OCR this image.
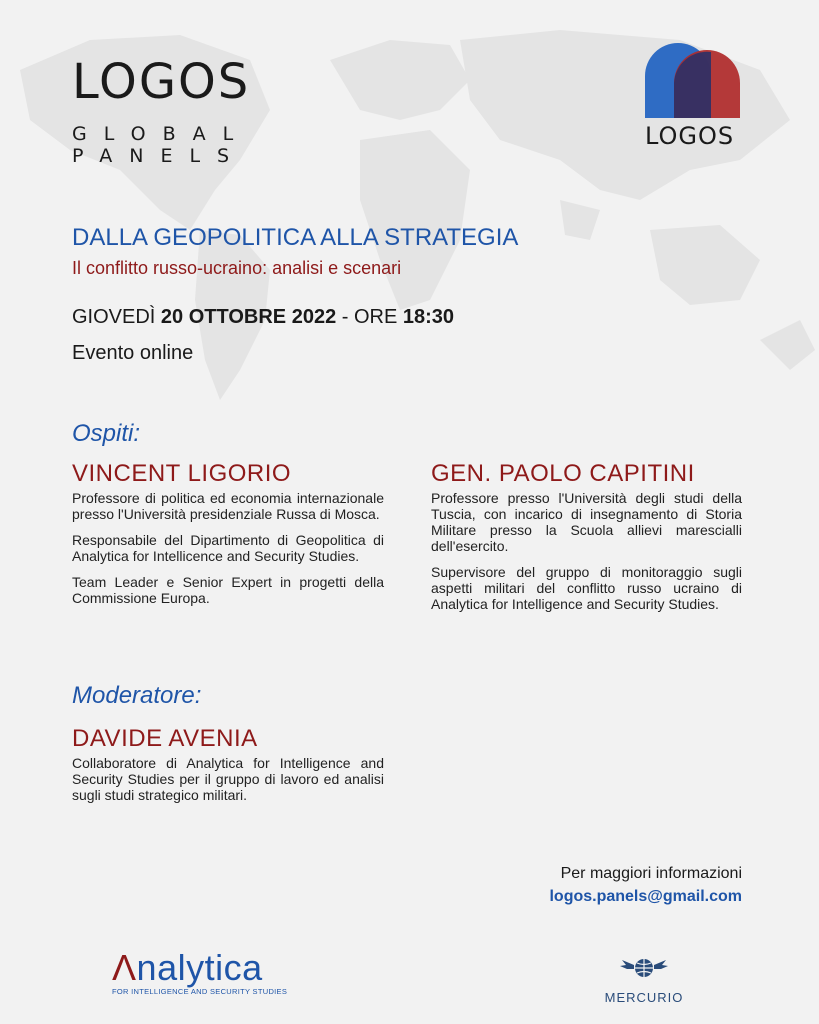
LOGOS
GLOBAL
PANELS
LOGOS
DALLA GEOPOLITICA ALLA STRATEGIA
Il conflitto russo-ucraino: analisi e scenari
GIOVEDÌ 20 OTTOBRE 2022 - ORE 18:30
Evento online
Ospiti:
VINCENT LIGORIO

Professore di politica ed economia internazionale presso l'Università presidenziale Russa di Mosca.

Responsabile del Dipartimento di Geopolitica di Analytica for Intellicence and Security Studies.

Team Leader e Senior Expert in progetti della Commissione Europa.

GEN. PAOLO CAPITINI

Professore presso l'Università degli studi della Tuscia, con incarico di insegnamento di Storia Militare presso la Scuola allievi marescialli dell'esercito.

Supervisore del gruppo di monitoraggio sugli aspetti militari del conflitto russo ucraino di Analytica for Intelligence and Security Studies.

Moderatore:
DAVIDE AVENIA

Collaboratore di Analytica for Intelligence and Security Studies per il gruppo di lavoro ed analisi sugli studi strategico militari.

Per maggiori informazioni
logos.panels@gmail.com
Λnalytica
FOR INTELLIGENCE AND SECURITY STUDIES	MERCURIO
